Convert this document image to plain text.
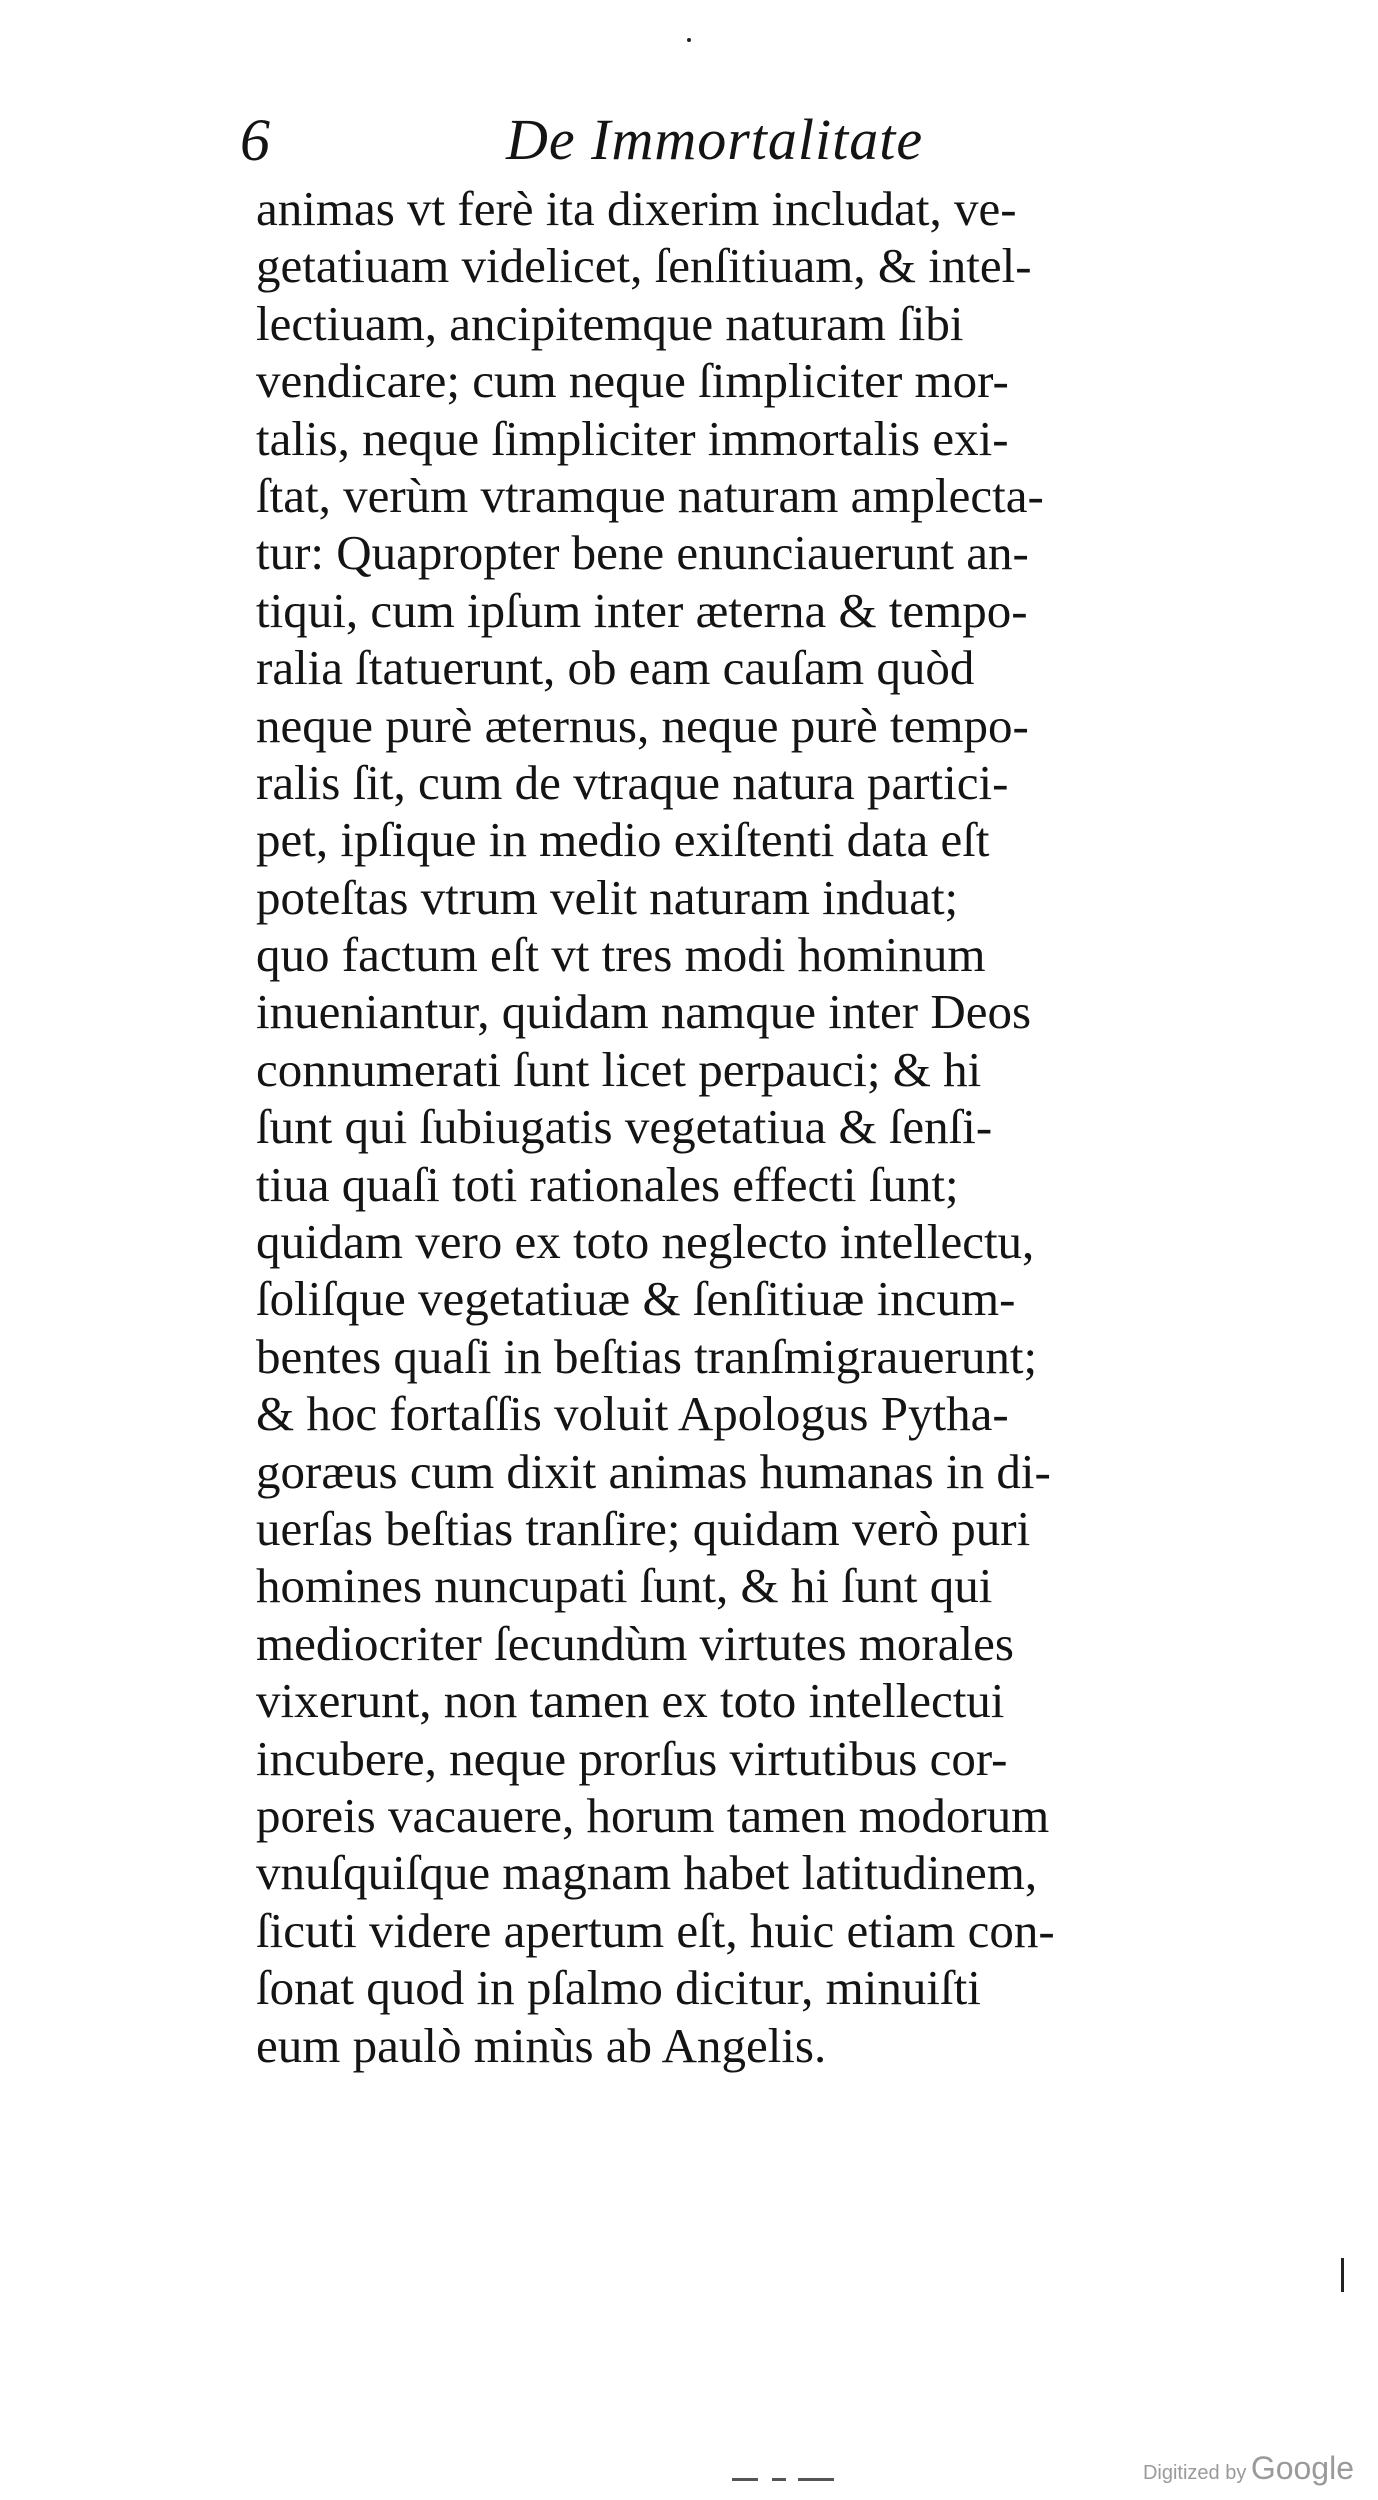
6	De Immortalitate
animas vt ferè ita dixerim includat, ve-
getatiuam videlicet, ſenſitiuam, & intel-
lectiuam, ancipitemque naturam ſibi
vendicare; cum neque ſimpliciter mor-
talis, neque ſimpliciter immortalis exi-
ſtat, verùm vtramque naturam amplecta-
tur: Quapropter bene enunciauerunt an-
tiqui, cum ipſum inter æterna & tempo-
ralia ſtatuerunt, ob eam cauſam quòd
neque purè æternus, neque purè tempo-
ralis ſit, cum de vtraque natura partici-
pet, ipſique in medio exiſtenti data eſt
poteſtas vtrum velit naturam induat;
quo factum eſt vt tres modi hominum
inueniantur, quidam namque inter Deos
connumerati ſunt licet perpauci; & hi
ſunt qui ſubiugatis vegetatiua & ſenſi-
tiua quaſi toti rationales effecti ſunt;
quidam vero ex toto neglecto intellectu,
ſoliſque vegetatiuæ & ſenſitiuæ incum-
bentes quaſi in beſtias tranſmigrauerunt;
& hoc fortaſſis voluit Apologus Pytha-
goræus cum dixit animas humanas in di-
uerſas beſtias tranſire; quidam verò puri
homines nuncupati ſunt, & hi ſunt qui
mediocriter ſecundùm virtutes morales
vixerunt, non tamen ex toto intellectui
incubere, neque prorſus virtutibus cor-
poreis vacauere, horum tamen modorum
vnuſquiſque magnam habet latitudinem,
ſicuti videre apertum eſt, huic etiam con-
ſonat quod in pſalmo dicitur, minuiſti
eum paulò minùs ab Angelis.
Digitized by Google
